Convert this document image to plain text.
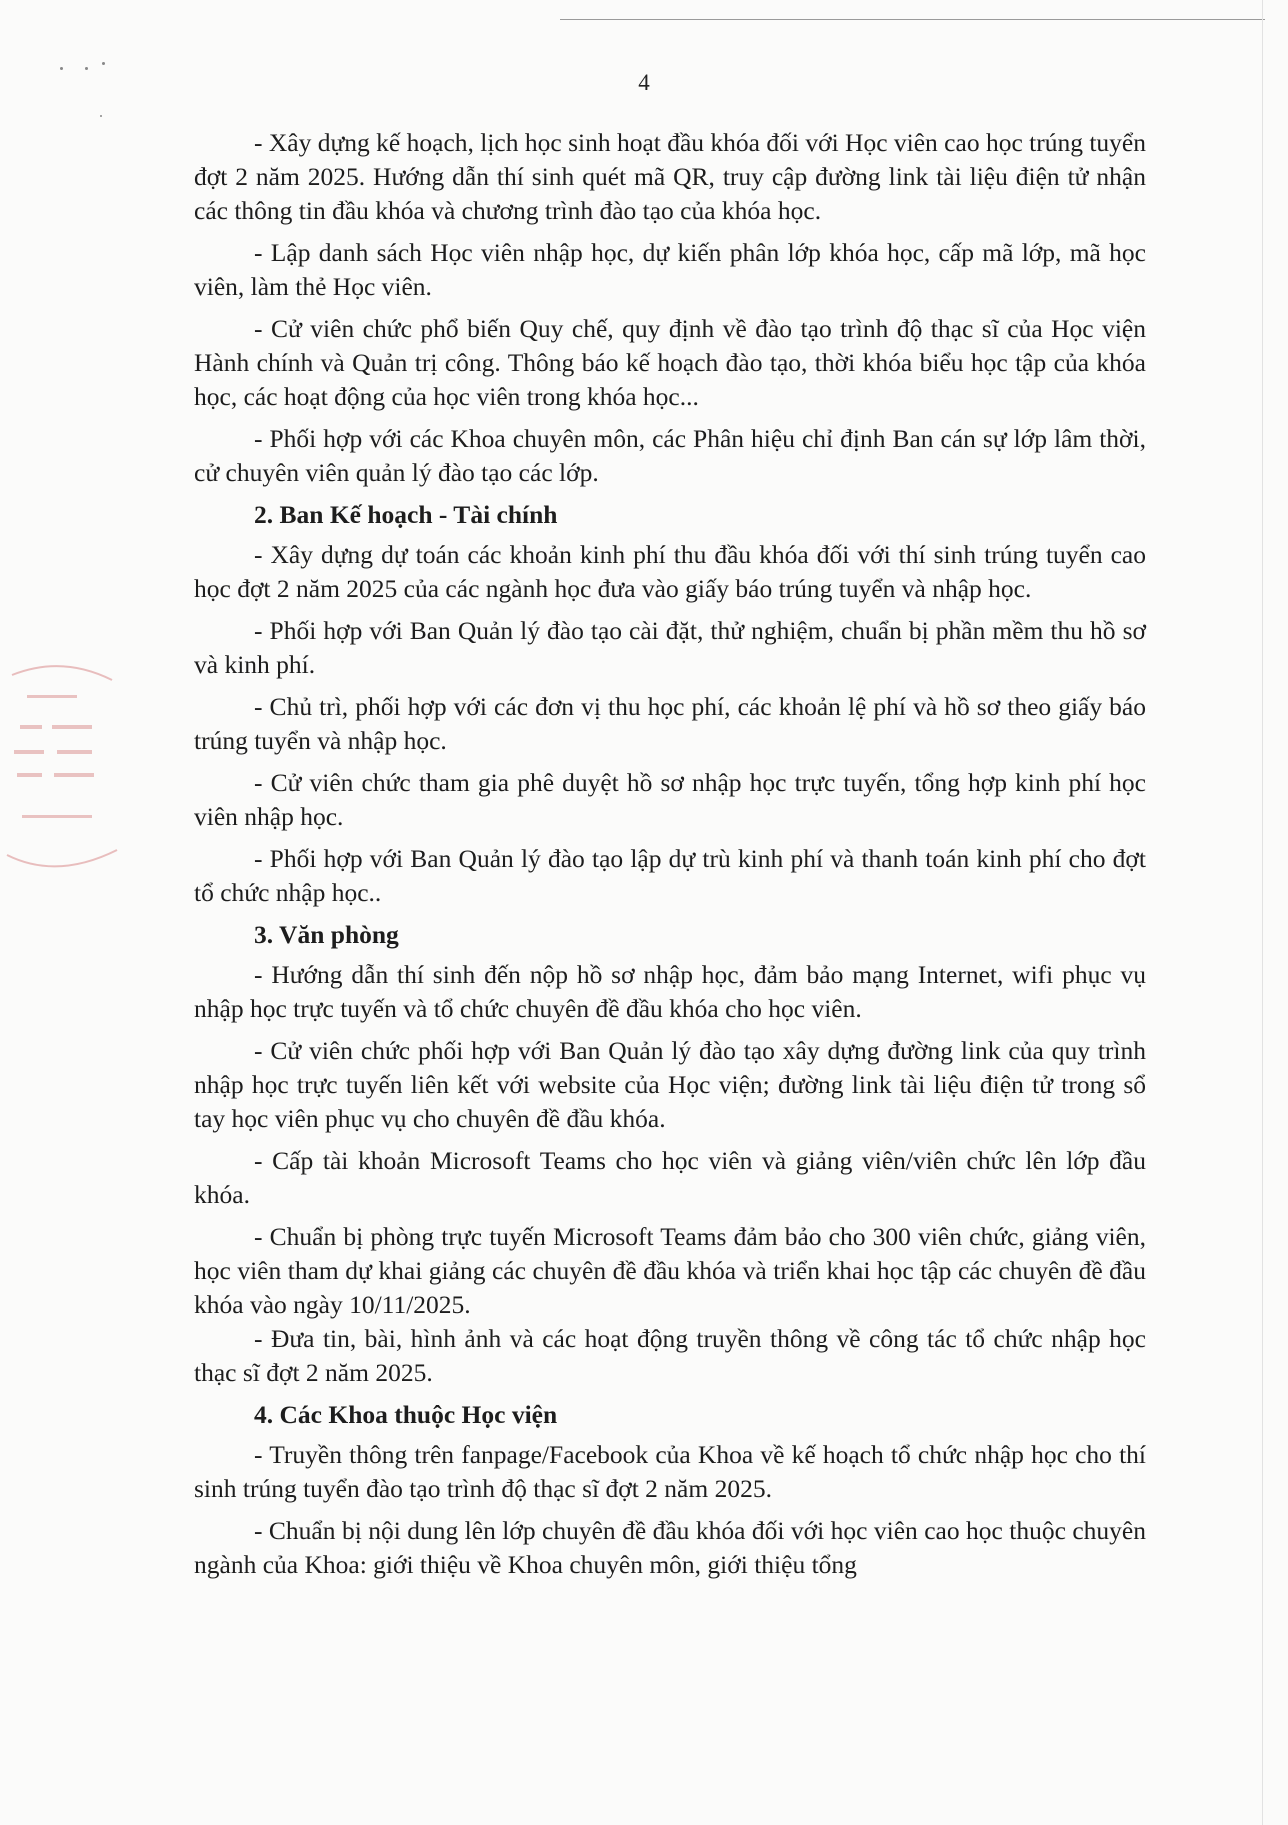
4

- Xây dựng kế hoạch, lịch học sinh hoạt đầu khóa đối với Học viên cao học trúng tuyển đợt 2 năm 2025. Hướng dẫn thí sinh quét mã QR, truy cập đường link tài liệu điện tử nhận các thông tin đầu khóa và chương trình đào tạo của khóa học.

- Lập danh sách Học viên nhập học, dự kiến phân lớp khóa học, cấp mã lớp, mã học viên, làm thẻ Học viên.

- Cử viên chức phổ biến Quy chế, quy định về đào tạo trình độ thạc sĩ của Học viện Hành chính và Quản trị công. Thông báo kế hoạch đào tạo, thời khóa biểu học tập của khóa học, các hoạt động của học viên trong khóa học...

- Phối hợp với các Khoa chuyên môn, các Phân hiệu chỉ định Ban cán sự lớp lâm thời, cử chuyên viên quản lý đào tạo các lớp.

2. Ban Kế hoạch - Tài chính

- Xây dựng dự toán các khoản kinh phí thu đầu khóa đối với thí sinh trúng tuyển cao học đợt 2 năm 2025 của các ngành học đưa vào giấy báo trúng tuyển và nhập học.

- Phối hợp với Ban Quản lý đào tạo cài đặt, thử nghiệm, chuẩn bị phần mềm thu hồ sơ và kinh phí.

- Chủ trì, phối hợp với các đơn vị thu học phí, các khoản lệ phí và hồ sơ theo giấy báo trúng tuyển và nhập học.

- Cử viên chức tham gia phê duyệt hồ sơ nhập học trực tuyến, tổng hợp kinh phí học viên nhập học.

- Phối hợp với Ban Quản lý đào tạo lập dự trù kinh phí và thanh toán kinh phí cho đợt tổ chức nhập học..

3. Văn phòng

- Hướng dẫn thí sinh đến nộp hồ sơ nhập học, đảm bảo mạng Internet, wifi phục vụ nhập học trực tuyến và tổ chức chuyên đề đầu khóa cho học viên.

- Cử viên chức phối hợp với Ban Quản lý đào tạo xây dựng đường link của quy trình nhập học trực tuyến liên kết với website của Học viện; đường link tài liệu điện tử trong sổ tay học viên phục vụ cho chuyên đề đầu khóa.

- Cấp tài khoản Microsoft Teams cho học viên và giảng viên/viên chức lên lớp đầu khóa.

- Chuẩn bị phòng trực tuyến Microsoft Teams đảm bảo cho 300 viên chức, giảng viên, học viên tham dự khai giảng các chuyên đề đầu khóa và triển khai học tập các chuyên đề đầu khóa vào ngày 10/11/2025.

- Đưa tin, bài, hình ảnh và các hoạt động truyền thông về công tác tổ chức nhập học thạc sĩ đợt 2 năm 2025.

4. Các Khoa thuộc Học viện

- Truyền thông trên fanpage/Facebook của Khoa về kế hoạch tổ chức nhập học cho thí sinh trúng tuyển đào tạo trình độ thạc sĩ đợt 2 năm 2025.

- Chuẩn bị nội dung lên lớp chuyên đề đầu khóa đối với học viên cao học thuộc chuyên ngành của Khoa: giới thiệu về Khoa chuyên môn, giới thiệu tổng
